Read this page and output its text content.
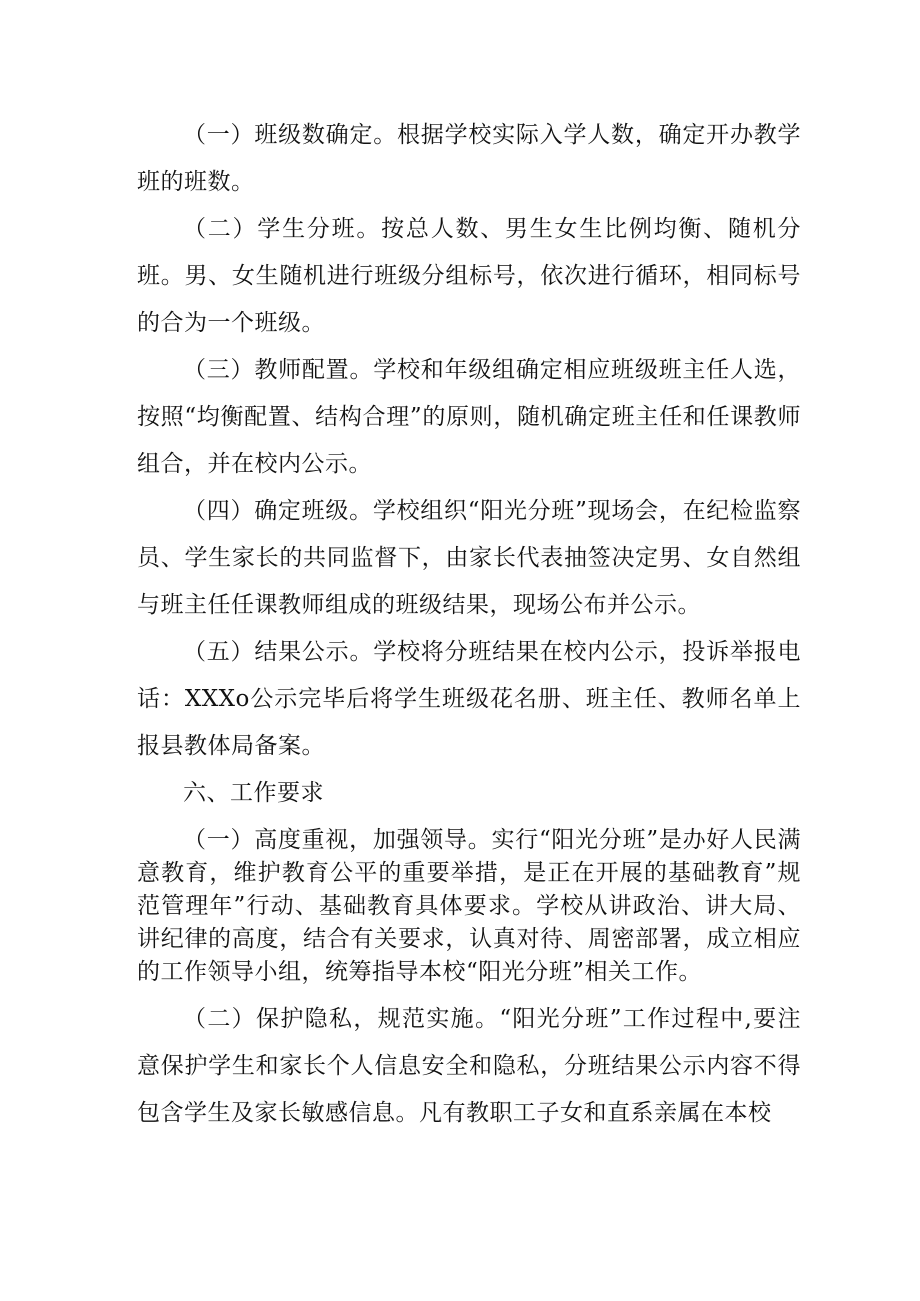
（一）班级数确定。根据学校实际入学人数，确定开办教学班的班数。

（二）学生分班。按总人数、男生女生比例均衡、随机分班。男、女生随机进行班级分组标号，依次进行循环，相同标号的合为一个班级。

（三）教师配置。学校和年级组确定相应班级班主任人选，按照“均衡配置、结构合理”的原则，随机确定班主任和任课教师组合，并在校内公示。

（四）确定班级。学校组织“阳光分班”现场会，在纪检监察员、学生家长的共同监督下，由家长代表抽签决定男、女自然组与班主任任课教师组成的班级结果，现场公布并公示。

（五）结果公示。学校将分班结果在校内公示，投诉举报电话：XXXo公示完毕后将学生班级花名册、班主任、教师名单上报县教体局备案。

六、工作要求

（一）高度重视，加强领导。实行“阳光分班”是办好人民满意教育，维护教育公平的重要举措，是正在开展的基础教育”规范管理年”行动、基础教育具体要求。学校从讲政治、讲大局、讲纪律的高度，结合有关要求，认真对待、周密部署，成立相应的工作领导小组，统筹指导本校“阳光分班”相关工作。

（二）保护隐私，规范实施。“阳光分班”工作过程中,要注意保护学生和家长个人信息安全和隐私，分班结果公示内容不得包含学生及家长敏感信息。凡有教职工子女和直系亲属在本校
